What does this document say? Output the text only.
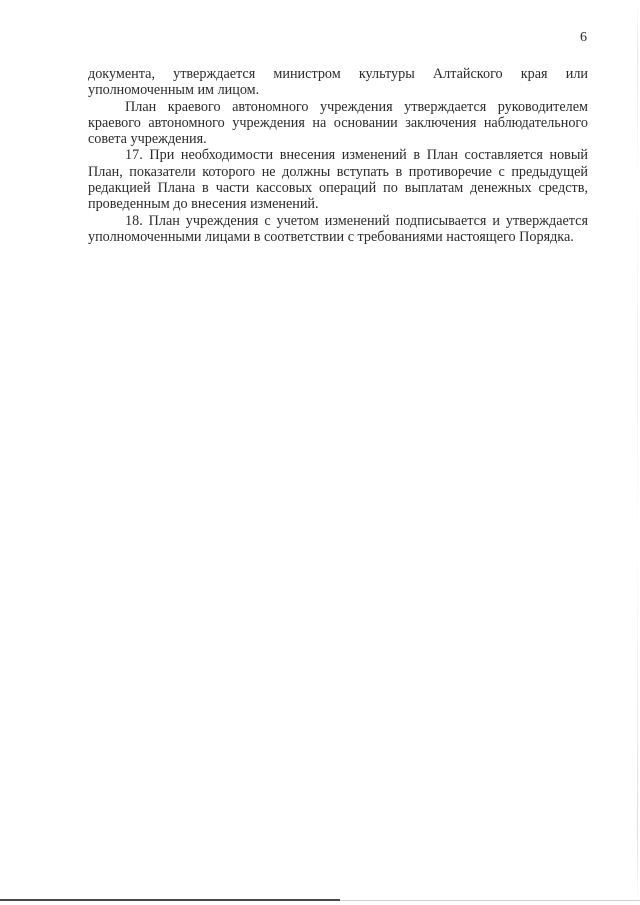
6

документа, утверждается министром культуры Алтайского края или уполномоченным им лицом.

План краевого автономного учреждения утверждается руководителем краевого автономного учреждения на основании заключения наблюдательного совета учреждения.

17. При необходимости внесения изменений в План составляется новый План, показатели которого не должны вступать в противоречие с предыдущей редакцией Плана в части кассовых операций по выплатам денежных средств, проведенным до внесения изменений.

18. План учреждения с учетом изменений подписывается и утверждается уполномоченными лицами в соответствии с требованиями настоящего Порядка.
